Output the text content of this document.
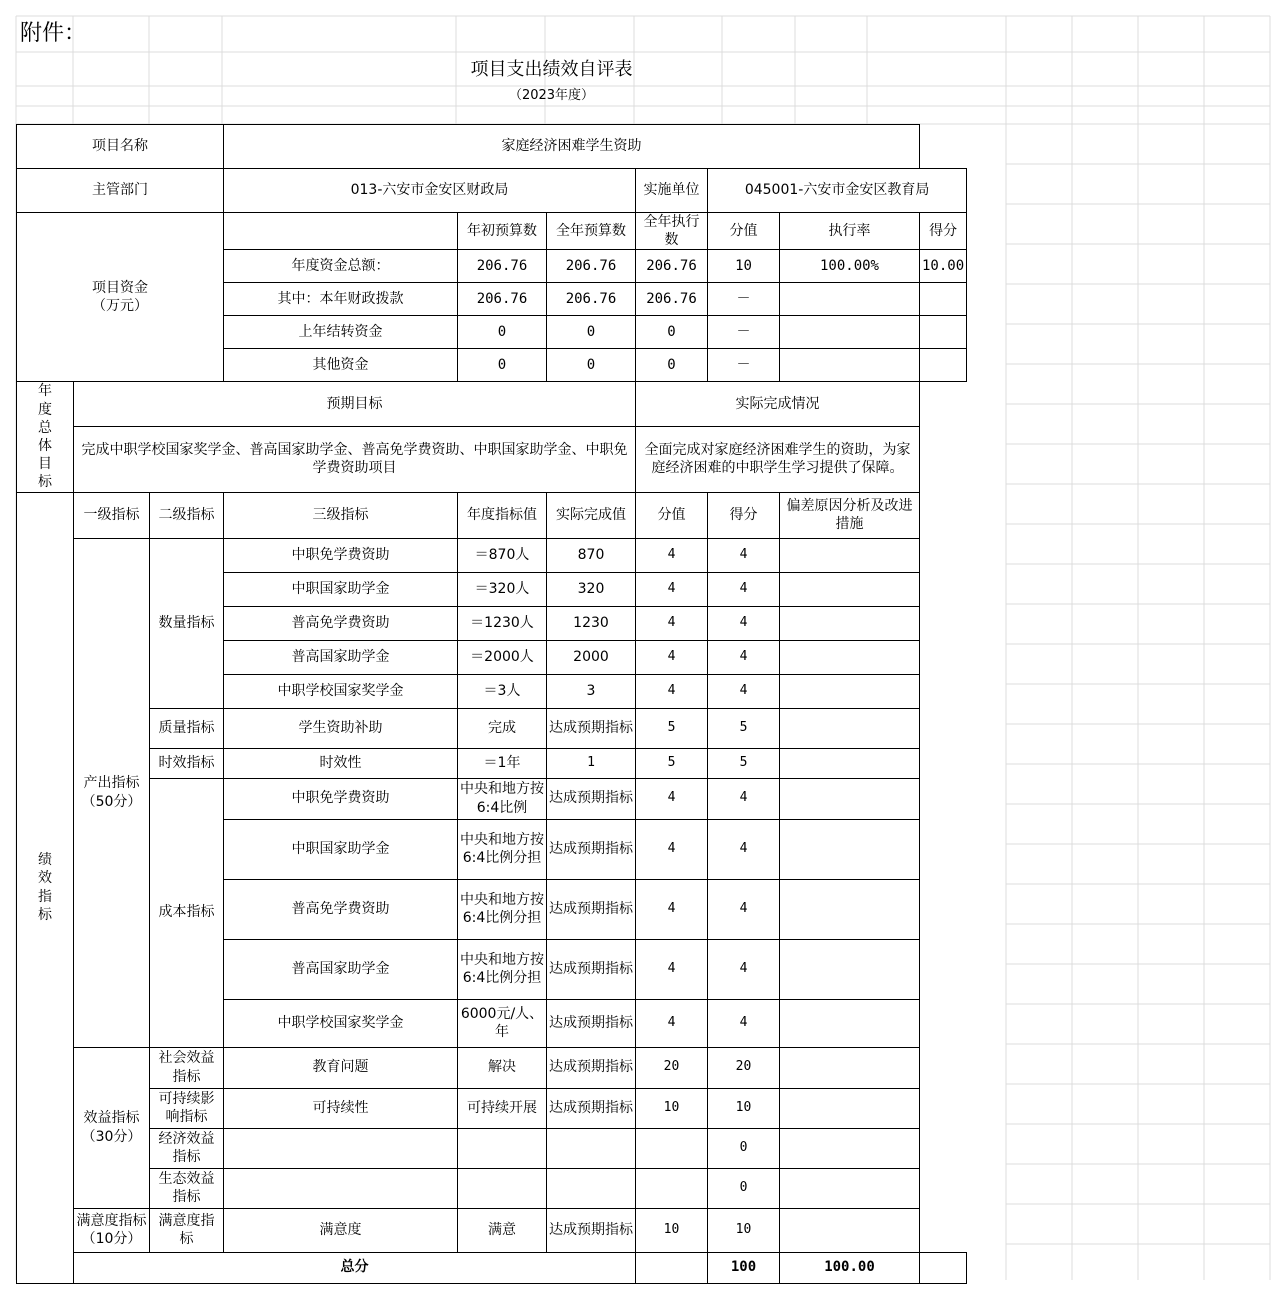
附件：
项目支出绩效自评表
（2023年度）
项目名称			家庭经济困难学生资助						
主管部门			013-六安市金安区财政局			实施单位	045001-六安市金安区教育局		
项目资金
（万元）				年初预算数	全年预算数	全年执行数	分值	执行率	得分
			年度资金总额：	206.76	206.76	206.76	10	100.00%	10.00
			其中：本年财政拨款	206.76	206.76	206.76	－		
			上年结转资金	0	0	0	－		
			其他资金	0	0	0	－		

年度总体目标	预期目标					实际完成情况			
	完成中职学校国家奖学金、普高国家助学金、普高免学费资助、中职国家助学金、中职免学费资助项目					全面完成对家庭经济困难学生的资助，为家庭经济困难的中职学生学习提供了保障。			

绩效指标	一级指标	二级指标	三级指标	年度指标值	实际完成值	分值	得分	偏差原因分析及改进措施	
	产出指标
（50分）	数量指标	中职免学费资助	＝870人	870	4	4		
			中职国家助学金	＝320人	320	4	4		
			普高免学费资助	＝1230人	1230	4	4		
			普高国家助学金	＝2000人	2000	4	4		
			中职学校国家奖学金	＝3人	3	4	4		
		质量指标	学生资助补助	完成	达成预期指标	5	5		
		时效指标	时效性	＝1年	1	5	5		
		成本指标	中职免学费资助	中央和地方按6:4比例	达成预期指标	4	4		
			中职国家助学金	中央和地方按6:4比例分担	达成预期指标	4	4		
			普高免学费资助	中央和地方按6:4比例分担	达成预期指标	4	4		
			普高国家助学金	中央和地方按6:4比例分担	达成预期指标	4	4		
			中职学校国家奖学金	6000元/人、年	达成预期指标	4	4		
	效益指标
（30分）	社会效益指标	教育问题	解决	达成预期指标	20	20		
		可持续影响指标	可持续性	可持续开展	达成预期指标	10	10		
		经济效益指标					0		
		生态效益指标					0		
	满意度指标（10分）	满意度指标	满意度	满意	达成预期指标	10	10		
	总分						100	100.00	
